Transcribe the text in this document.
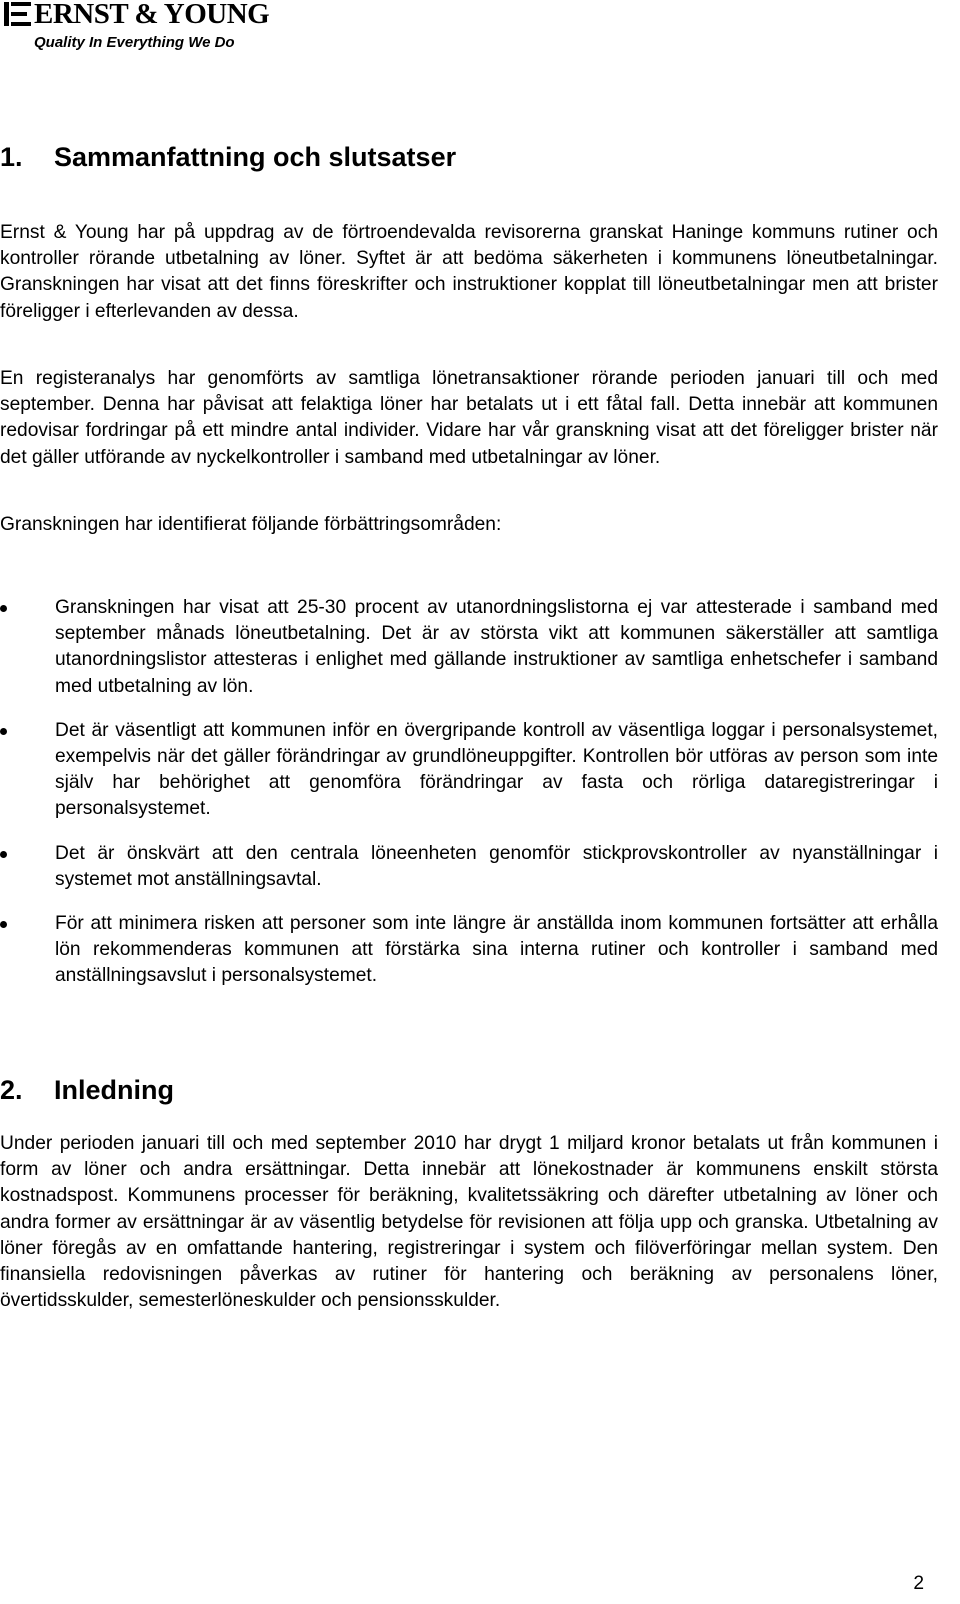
ERNST & YOUNG
Quality In Everything We Do
1. Sammanfattning och slutsatser

Ernst & Young har på uppdrag av de förtroendevalda revisorerna granskat Haninge kommuns rutiner och kontroller rörande utbetalning av löner. Syftet är att bedöma säkerheten i kommunens löneutbetalningar. Granskningen har visat att det finns föreskrifter och instruktioner kopplat till löneutbetalningar men att brister föreligger i efterlevanden av dessa.

En registeranalys har genomförts av samtliga lönetransaktioner rörande perioden januari till och med september. Denna har påvisat att felaktiga löner har betalats ut i ett fåtal fall. Detta innebär att kommunen redovisar fordringar på ett mindre antal individer. Vidare har vår granskning visat att det föreligger brister när det gäller utförande av nyckelkontroller i samband med utbetalningar av löner.

Granskningen har identifierat följande förbättringsområden:

Granskningen har visat att 25-30 procent av utanordningslistorna ej var attesterade i samband med september månads löneutbetalning. Det är av största vikt att kommunen säkerställer att samtliga utanordningslistor attesteras i enlighet med gällande instruktioner av samtliga enhetschefer i samband med utbetalning av lön.
Det är väsentligt att kommunen inför en övergripande kontroll av väsentliga loggar i personalsystemet, exempelvis när det gäller förändringar av grundlöneuppgifter. Kontrollen bör utföras av person som inte själv har behörighet att genomföra förändringar av fasta och rörliga dataregistreringar i personalsystemet.
Det är önskvärt att den centrala löneenheten genomför stickprovskontroller av nyanställningar i systemet mot anställningsavtal.
För att minimera risken att personer som inte längre är anställda inom kommunen fortsätter att erhålla lön rekommenderas kommunen att förstärka sina interna rutiner och kontroller i samband med anställningsavslut i personalsystemet.
2. Inledning

Under perioden januari till och med september 2010 har drygt 1 miljard kronor betalats ut från kommunen i form av löner och andra ersättningar. Detta innebär att lönekostnader är kommunens enskilt största kostnadspost. Kommunens processer för beräkning, kvalitetssäkring och därefter utbetalning av löner och andra former av ersättningar är av väsentlig betydelse för revisionen att följa upp och granska. Utbetalning av löner föregås av en omfattande hantering, registreringar i system och filöverföringar mellan system. Den finansiella redovisningen påverkas av rutiner för hantering och beräkning av personalens löner, övertidsskulder, semesterlöneskulder och pensionsskulder.

2
